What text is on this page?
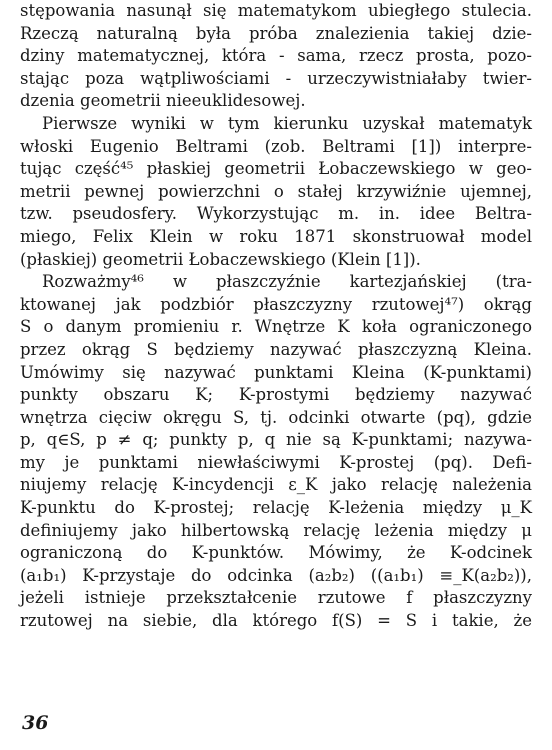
stępowania nasunął się matematykom ubiegłego stulecia.
Rzeczą naturalną była próba znalezienia takiej dzie-
dziny matematycznej, która - sama, rzecz prosta, pozo-
stając poza wątpliwościami - urzeczywistniałaby twier-
dzenia geometrii nieeuklidesowej.
Pierwsze wyniki w tym kierunku uzyskał matematyk
włoski Eugenio Beltrami (zob. Beltrami [1]) interpre-
tując część⁴⁵ płaskiej geometrii Łobaczewskiego w geo-
metrii pewnej powierzchni o stałej krzywiźnie ujemnej,
tzw. pseudosfery. Wykorzystując m. in. idee Beltra-
miego, Felix Klein w roku 1871 skonstruował model
(płaskiej) geometrii Łobaczewskiego (Klein [1]).
Rozważmy⁴⁶ w płaszczyźnie kartezjańskiej (tra-
ktowanej jak podzbiór płaszczyzny rzutowej⁴⁷) okrąg
S o danym promieniu r. Wnętrze K koła ograniczonego
przez okrąg S będziemy nazywać płaszczyzną Kleina.
Umówimy się nazywać punktami Kleina (K-punktami)
punkty obszaru K; K-prostymi będziemy nazywać
wnętrza cięciw okręgu S, tj. odcinki otwarte (pq), gdzie
p, q∈S, p ≠ q; punkty p, q nie są K-punktami; nazywa-
my je punktami niewłaściwymi K-prostej (pq). Defi-
niujemy relację K-incydencji ε_K jako relację należenia
K-punktu do K-prostej; relację K-leżenia między μ_K
definiujemy jako hilbertowską relację leżenia między μ
ograniczoną do K-punktów. Mówimy, że K-odcinek
(a₁b₁) K-przystaje do odcinka (a₂b₂) ((a₁b₁) ≡_K(a₂b₂)),
jeżeli istnieje przekształcenie rzutowe f płaszczyzny
rzutowej na siebie, dla którego f(S) = S i takie, że
36
